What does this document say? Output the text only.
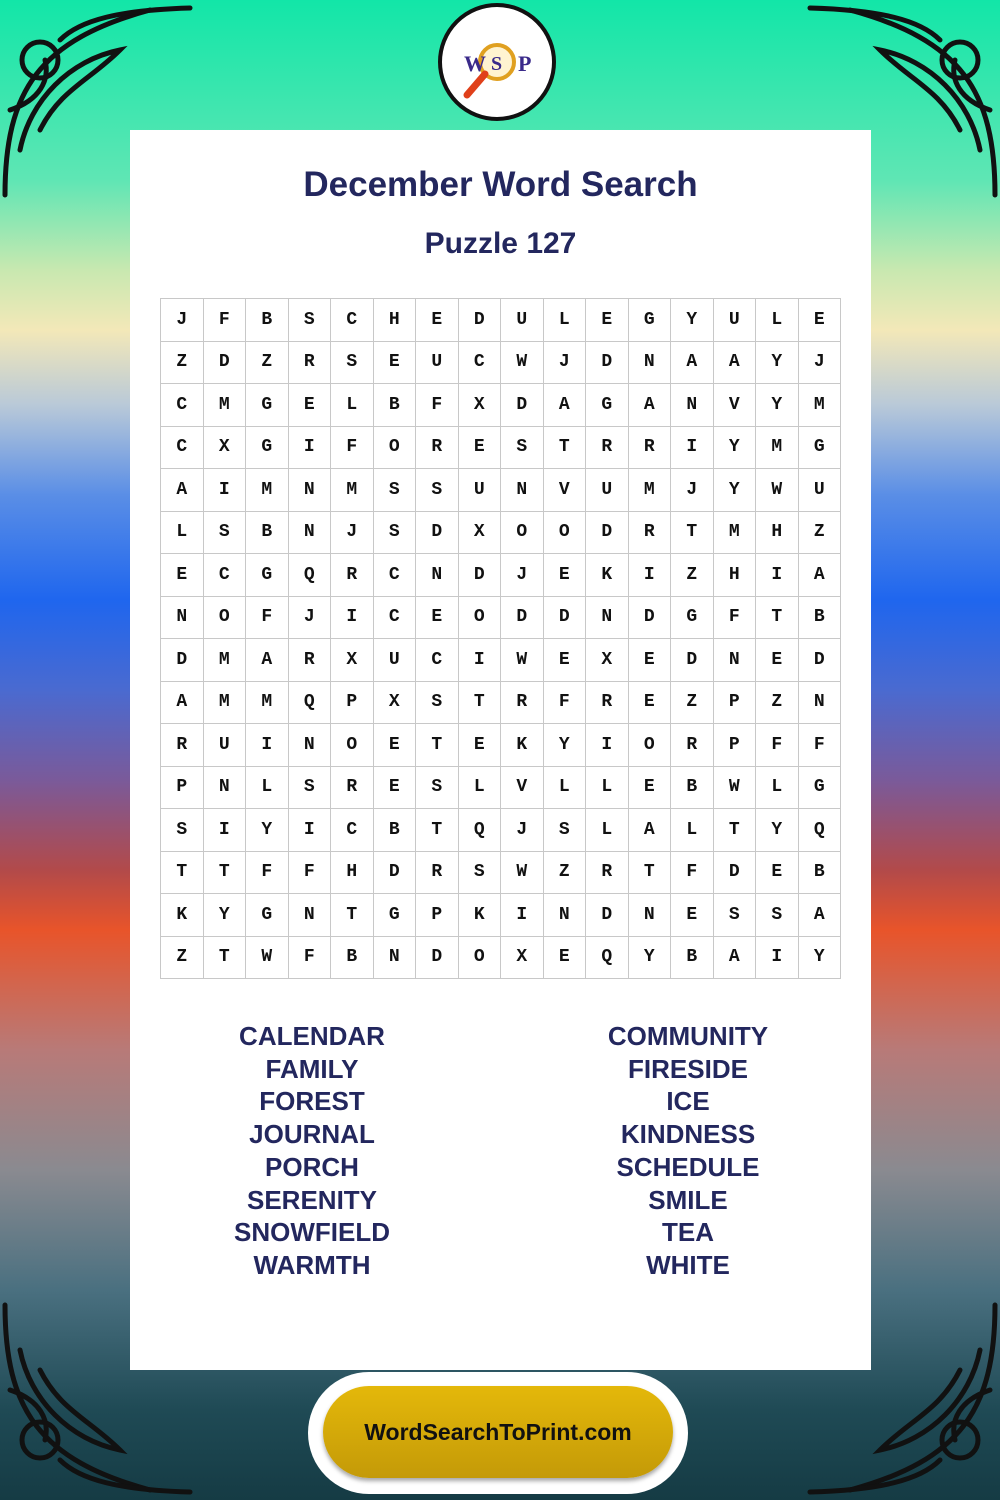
W S P
December Word Search
Puzzle 127
J	F	B	S	C	H	E	D	U	L	E	G	Y	U	L	E
Z	D	Z	R	S	E	U	C	W	J	D	N	A	A	Y	J
C	M	G	E	L	B	F	X	D	A	G	A	N	V	Y	M
C	X	G	I	F	O	R	E	S	T	R	R	I	Y	M	G
A	I	M	N	M	S	S	U	N	V	U	M	J	Y	W	U
L	S	B	N	J	S	D	X	O	O	D	R	T	M	H	Z
E	C	G	Q	R	C	N	D	J	E	K	I	Z	H	I	A
N	O	F	J	I	C	E	O	D	D	N	D	G	F	T	B
D	M	A	R	X	U	C	I	W	E	X	E	D	N	E	D
A	M	M	Q	P	X	S	T	R	F	R	E	Z	P	Z	N
R	U	I	N	O	E	T	E	K	Y	I	O	R	P	F	F
P	N	L	S	R	E	S	L	V	L	L	E	B	W	L	G
S	I	Y	I	C	B	T	Q	J	S	L	A	L	T	Y	Q
T	T	F	F	H	D	R	S	W	Z	R	T	F	D	E	B
K	Y	G	N	T	G	P	K	I	N	D	N	E	S	S	A
Z	T	W	F	B	N	D	O	X	E	Q	Y	B	A	I	Y
CALENDAR
FAMILY
FOREST
JOURNAL
PORCH
SERENITY
SNOWFIELD
WARMTH
COMMUNITY
FIRESIDE
ICE
KINDNESS
SCHEDULE
SMILE
TEA
WHITE
WordSearchToPrint.com
